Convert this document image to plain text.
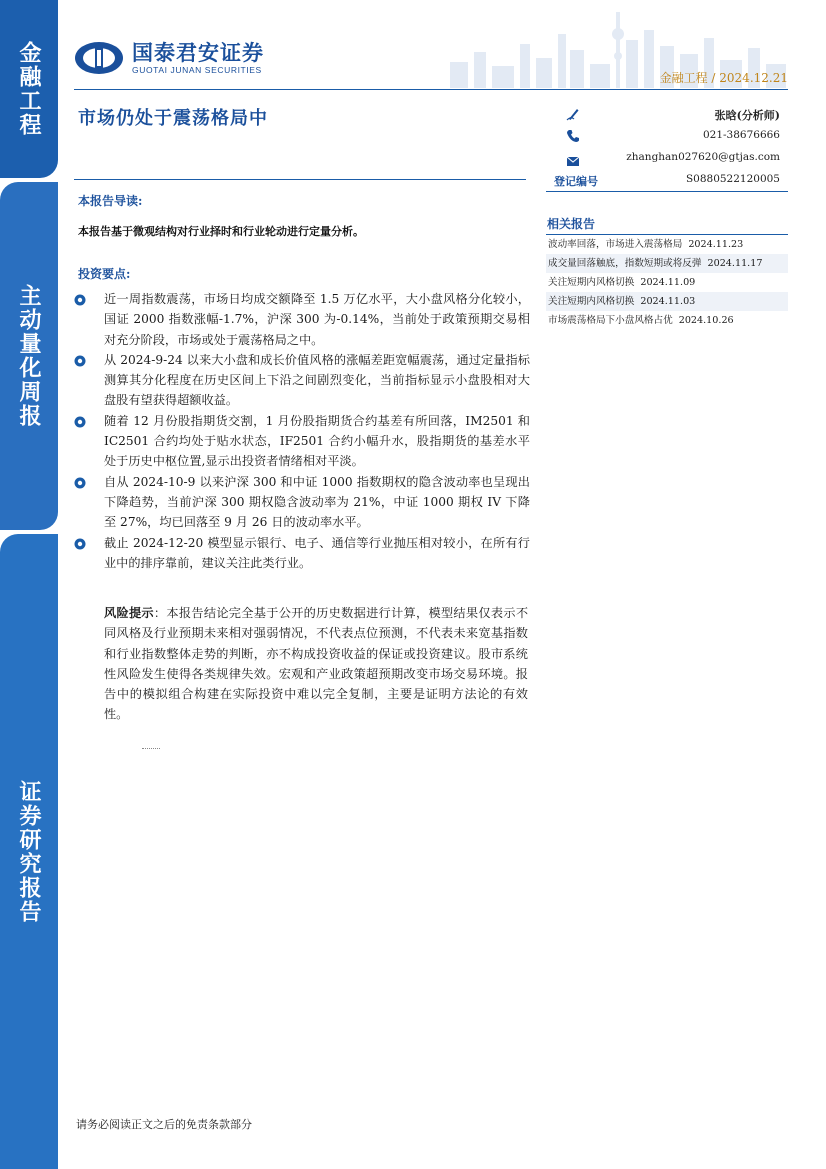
金融工程
主动量化周报
证券研究报告
国泰君安证券
GUOTAI JUNAN SECURITIES
金融工程 / 2024.12.21
市场仍处于震荡格局中	张晗(分析师)
021-38676666
zhanghan027620@gtjas.com
登记编号	S0880522120005
本报告导读:
本报告基于微观结构对行业择时和行业轮动进行定量分析。
投资要点:
近一周指数震荡，市场日均成交额降至 1.5 万亿水平，大小盘风格分化较小，国证 2000 指数涨幅-1.7%，沪深 300 为-0.14%，当前处于政策预期交易相对充分阶段，市场或处于震荡格局之中。
从 2024-9-24 以来大小盘和成长价值风格的涨幅差距宽幅震荡，通过定量指标测算其分化程度在历史区间上下沿之间剧烈变化，当前指标显示小盘股相对大盘股有望获得超额收益。
随着 12 月份股指期货交割，1 月份股指期货合约基差有所回落，IM2501 和 IC2501 合约均处于贴水状态，IF2501 合约小幅升水，股指期货的基差水平处于历史中枢位置,显示出投资者情绪相对平淡。
自从 2024-10-9 以来沪深 300 和中证 1000 指数期权的隐含波动率也呈现出下降趋势，当前沪深 300 期权隐含波动率为 21%，中证 1000 期权 IV 下降至 27%，均已回落至 9 月 26 日的波动率水平。
截止 2024-12-20 模型显示银行、电子、通信等行业抛压相对较小，在所有行业中的排序靠前，建议关注此类行业。
风险提示：本报告结论完全基于公开的历史数据进行计算，模型结果仅表示不同风格及行业预期未来相对强弱情况，不代表点位预测，不代表未来宽基指数和行业指数整体走势的判断，亦不构成投资收益的保证或投资建议。股市系统性风险发生使得各类规律失效。宏观和产业政策超预期改变市场交易环境。报告中的模拟组合构建在实际投资中难以完全复制，主要是证明方法论的有效性。
相关报告
波动率回落，市场进入震荡格局 2024.11.23
成交量回落触底，指数短期或将反弹 2024.11.17
关注短期内风格切换 2024.11.09
关注短期内风格切换 2024.11.03
市场震荡格局下小盘风格占优 2024.10.26
请务必阅读正文之后的免责条款部分
